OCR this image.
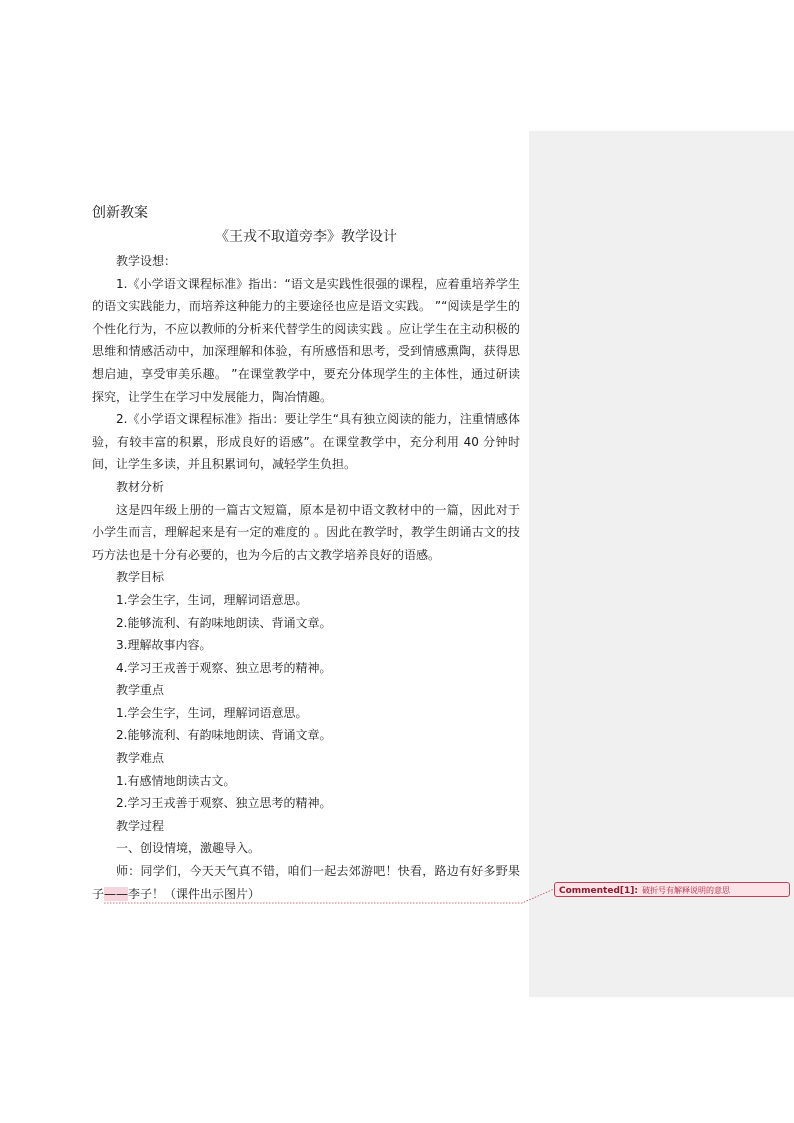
创新教案
《王戎不取道旁李》教学设计

教学设想：

1.《小学语文课程标准》指出：“语文是实践性很强的课程，应着重培养学生的语文实践能力，而培养这种能力的主要途径也应是语文实践。 ”“阅读是学生的个性化行为，不应以教师的分析来代替学生的阅读实践 。应让学生在主动积极的思维和情感活动中，加深理解和体验，有所感悟和思考，受到情感熏陶，获得思想启迪，享受审美乐趣。 ”在课堂教学中，要充分体现学生的主体性，通过研读探究，让学生在学习中发展能力，陶冶情趣。

2.《小学语文课程标准》指出：要让学生“具有独立阅读的能力，注重情感体验，有较丰富的积累，形成良好的语感”。在课堂教学中，充分利用 40 分钟时间，让学生多读，并且积累词句，减轻学生负担。

教材分析

这是四年级上册的一篇古文短篇，原本是初中语文教材中的一篇，因此对于小学生而言，理解起来是有一定的难度的 。因此在教学时，教学生朗诵古文的技巧方法也是十分有必要的，也为今后的古文教学培养良好的语感。

教学目标

1.学会生字，生词，理解词语意思。

2.能够流利、有韵味地朗读、背诵文章。

3.理解故事内容。

4.学习王戎善于观察、独立思考的精神。

教学重点

1.学会生字，生词，理解词语意思。

2.能够流利、有韵味地朗读、背诵文章。

教学难点

1.有感情地朗读古文。

2.学习王戎善于观察、独立思考的精神。

教学过程

一、创设情境，激趣导入。

师：同学们，今天天气真不错，咱们一起去郊游吧！快看，路边有好多野果子——李子！（课件出示图片）	Commented[1]: 破折号有解释说明的意思
